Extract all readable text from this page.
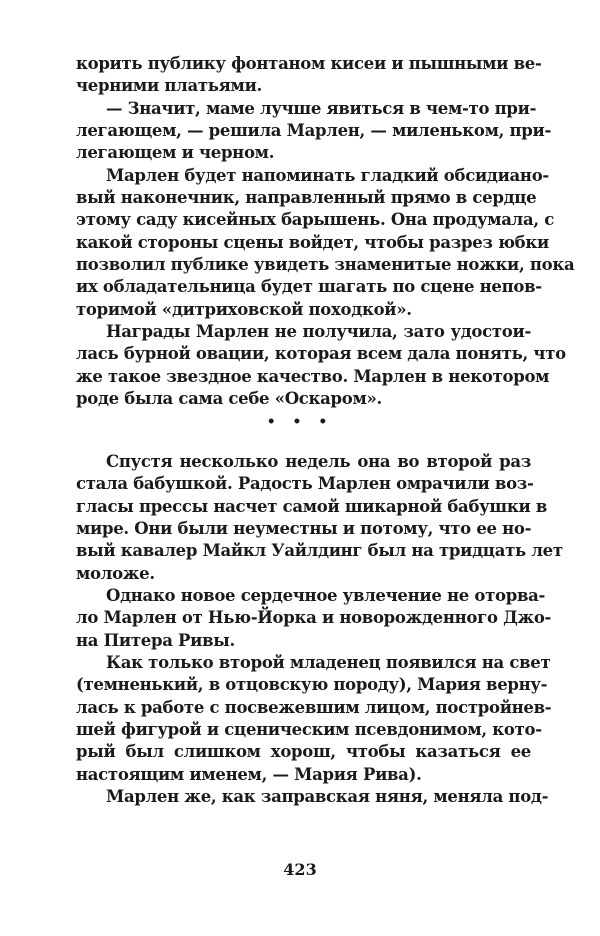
корить публику фонтаном кисеи и пышными ве-
черними платьями.
— Значит, маме лучше явиться в чем-то при-
легающем, — решила Марлен, — миленьком, при-
легающем и черном.
Марлен будет напоминать гладкий обсидиано-
вый наконечник, направленный прямо в сердце
этому саду кисейных барышень. Она продумала, с
какой стороны сцены войдет, чтобы разрез юбки
позволил публике увидеть знаменитые ножки, пока
их обладательница будет шагать по сцене непов-
торимой «дитриховской походкой».
Награды Марлен не получила, зато удостои-
лась бурной овации, которая всем дала понять, что
же такое звездное качество. Марлен в некотором
роде была сама себе «Оскаром».
• • •
Спустя несколько недель она во второй раз
стала бабушкой. Радость Марлен омрачили воз-
гласы прессы насчет самой шикарной бабушки в
мире. Они были неуместны и потому, что ее но-
вый кавалер Майкл Уайлдинг был на тридцать лет
моложе.
Однако новое сердечное увлечение не оторва-
ло Марлен от Нью-Йорка и новорожденного Джо-
на Питера Ривы.
Как только второй младенец появился на свет
(темненький, в отцовскую породу), Мария верну-
лась к работе с посвежевшим лицом, постройнев-
шей фигурой и сценическим псевдонимом, кото-
рый был слишком хорош, чтобы казаться ее
настоящим именем, — Мария Рива).
Марлен же, как заправская няня, меняла под-
423
